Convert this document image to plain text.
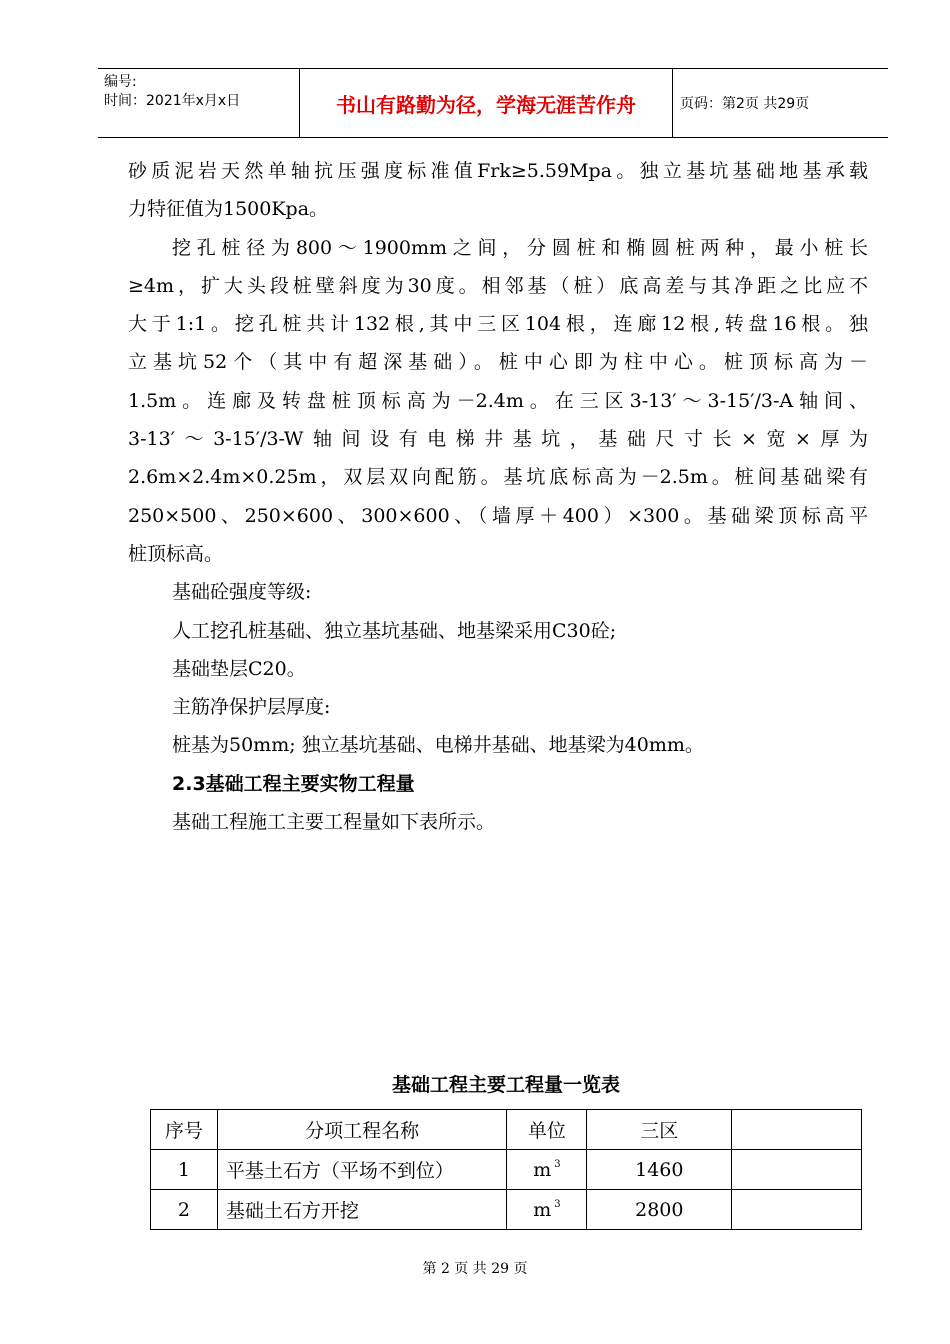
编号:
时间：2021年x月x日	书山有路勤为径，学海无涯苦作舟	页码：第2页 共29页

砂质泥岩天然单轴抗压强度标准值Frk≥5.59Mpa。独立基坑基础地基承载

力特征值为1500Kpa。

挖孔桩径为800～1900mm之间，分圆桩和椭圆桩两种，最小桩长

≥4m，扩大头段桩壁斜度为30度。相邻基（桩）底高差与其净距之比应不

大于1:1。挖孔桩共计132根,其中三区104根，连廊12根,转盘16根。独

立基坑52个（其中有超深基础）。桩中心即为柱中心。桩顶标高为－

1.5m。连廊及转盘桩顶标高为－2.4m。在三区3-13′～3-15′/3-A轴间、

3-13′～3-15′/3-W轴间设有电梯井基坑，基础尺寸长×宽×厚为

2.6m×2.4m×0.25m，双层双向配筋。基坑底标高为－2.5m。桩间基础梁有

250×500、250×600、300×600、（墙厚＋400）×300。基础梁顶标高平

桩顶标高。

基础砼强度等级:

人工挖孔桩基础、独立基坑基础、地基梁采用C30砼;

基础垫层C20。

主筋净保护层厚度:

桩基为50mm; 独立基坑基础、电梯井基础、地基梁为40mm。

2.3基础工程主要实物工程量

基础工程施工主要工程量如下表所示。

基础工程主要工程量一览表
序号	分项工程名称	单位	三区	
1	平基土石方（平场不到位）	m $^3$	1460	
2	基础土石方开挖	m $^3$	2800	
第 2 页 共 29 页
